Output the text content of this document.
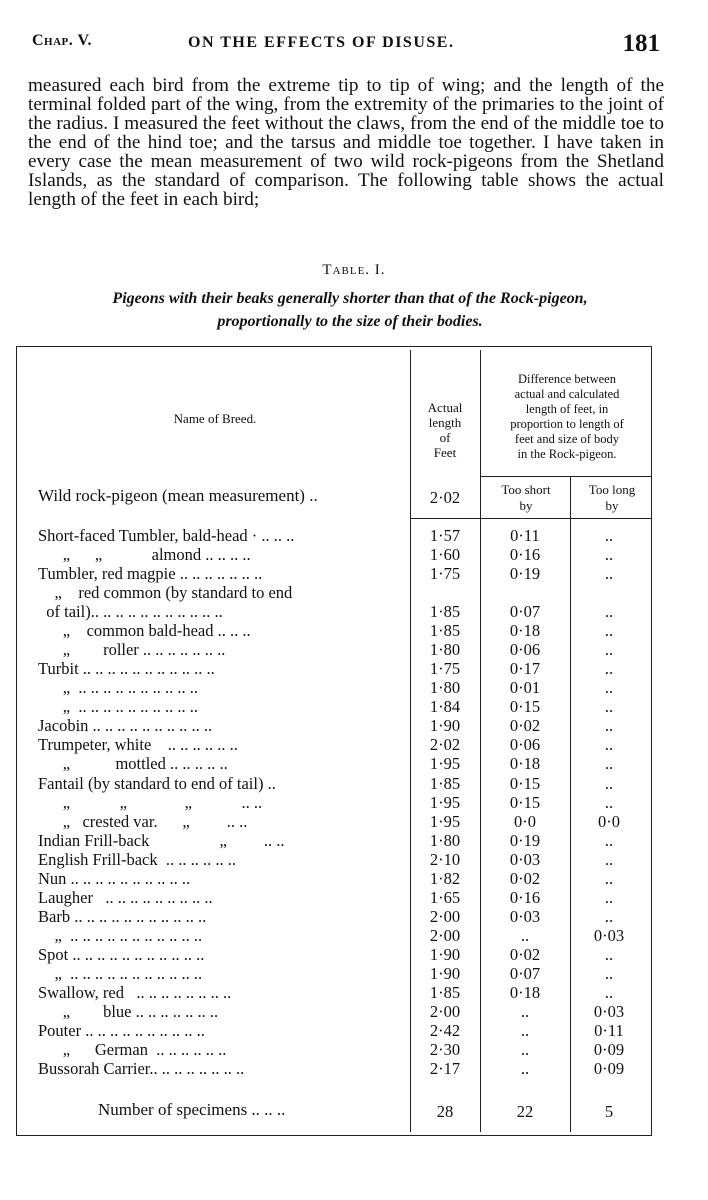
Chap. V.	ON THE EFFECTS OF DISUSE.	181

measured each bird from the extreme tip to tip of wing; and the length of the terminal folded part of the wing, from the extremity of the primaries to the joint of the radius. I measured the feet without the claws, from the end of the middle toe to the end of the hind toe; and the tarsus and middle toe together. I have taken in every case the mean measurement of two wild rock-pigeons from the Shetland Islands, as the standard of comparison. The following table shows the actual length of the feet in each bird;

Table. I.
Pigeons with their beaks generally shorter than that of the Rock-pigeon,
proportionally to the size of their bodies.
Name of Breed.
Actual
length
of
Feet
Difference between
actual and calculated
length of feet, in
proportion to length of
feet and size of body
in the Rock-pigeon.
Too short
by
Too long
by
Wild rock-pigeon (mean measurement) ..	2·02
Short-faced Tumbler, bald-head · .. .. ..	1·57	0·11	..
„      „            almond .. .. .. ..	1·60	0·16	..
Tumbler, red magpie .. .. .. .. .. .. ..	1·75	0·19	..
„    red common (by standard to end
of tail).. .. .. .. .. .. .. .. .. .. ..	1·85	0·07	..
„    common bald-head .. .. ..	1·85	0·18	..
„        roller .. .. .. .. .. .. ..	1·80	0·06	..
Turbit .. .. .. .. .. .. .. .. .. .. ..	1·75	0·17	..
„  .. .. .. .. .. .. .. .. .. ..	1·80	0·01	..
„  .. .. .. .. .. .. .. .. .. ..	1·84	0·15	..
Jacobin .. .. .. .. .. .. .. .. .. ..	1·90	0·02	..
Trumpeter, white    .. .. .. .. .. ..	2·02	0·06	..
„           mottled .. .. .. .. ..	1·95	0·18	..
Fantail (by standard to end of tail) ..	1·85	0·15	..
„            „              „            .. ..	1·95	0·15	..
„   crested var.      „         .. ..	1·95	0·0	0·0
Indian Frill-back                 „         .. ..	1·80	0·19	..
English Frill-back  .. .. .. .. .. ..	2·10	0·03	..
Nun .. .. .. .. .. .. .. .. .. ..	1·82	0·02	..
Laugher   .. .. .. .. .. .. .. .. ..	1·65	0·16	..
Barb .. .. .. .. .. .. .. .. .. .. ..	2·00	0·03	..
„  .. .. .. .. .. .. .. .. .. .. ..	2·00	..	0·03
Spot .. .. .. .. .. .. .. .. .. .. ..	1·90	0·02	..
„  .. .. .. .. .. .. .. .. .. .. ..	1·90	0·07	..
Swallow, red   .. .. .. .. .. .. .. ..	1·85	0·18	..
„        blue .. .. .. .. .. .. ..	2·00	..	0·03
Pouter .. .. .. .. .. .. .. .. .. ..	2·42	..	0·11
„      German  .. .. .. .. .. ..	2·30	..	0·09
Bussorah Carrier.. .. .. .. .. .. .. ..	2·17	..	0·09
Number of specimens .. .. ..	28	22	5
